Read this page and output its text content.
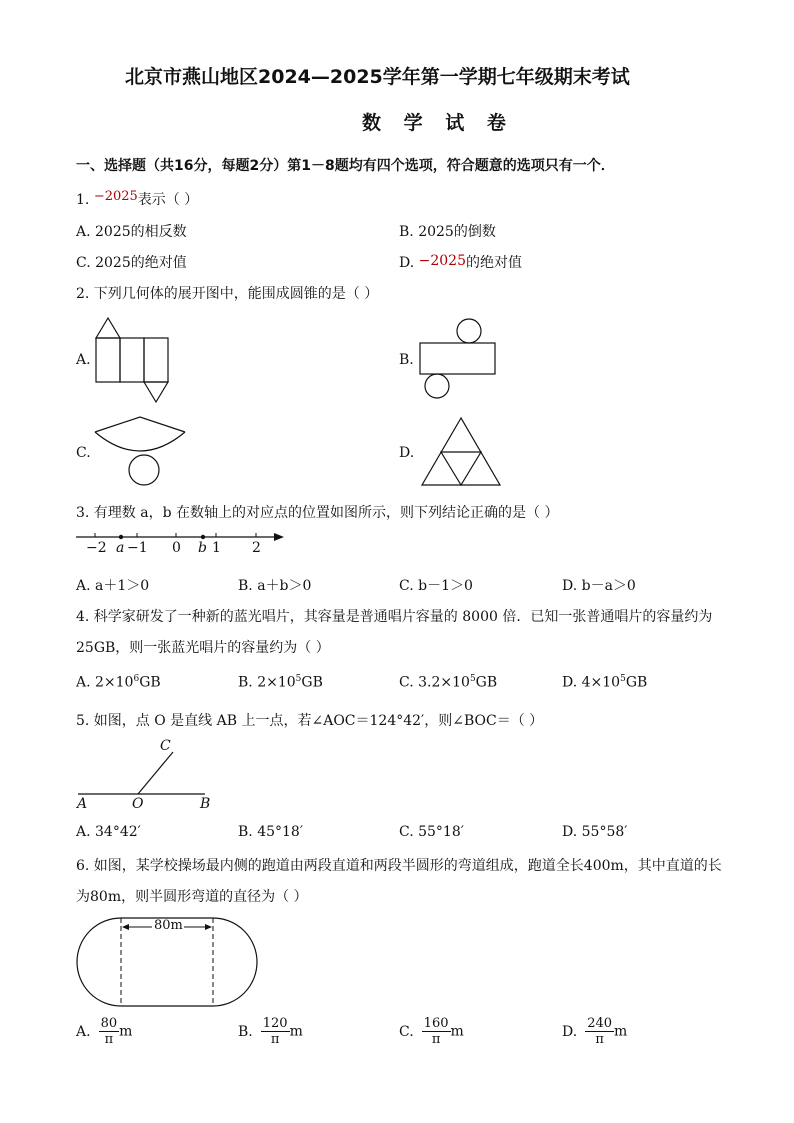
北京市燕山地区2024—2025学年第一学期七年级期末考试
数 学 试 卷
一、选择题（共16分，每题2分）第1－8题均有四个选项，符合题意的选项只有一个．
1. −2025表示（ ）
A. 2025的相反数	B. 2025的倒数
C. 2025的绝对值	D. −2025的绝对值
2. 下列几何体的展开图中，能围成圆锥的是（ ）
A.	B.
C.	D.
3. 有理数 a，b 在数轴上的对应点的位置如图所示，则下列结论正确的是（ ）
−2 a −1 0 b 1 2
A. a＋1＞0	B. a＋b＞0	C. b－1＞0	D. b－a＞0
4. 科学家研发了一种新的蓝光唱片，其容量是普通唱片容量的 8000 倍．已知一张普通唱片的容量约为
25GB，则一张蓝光唱片的容量约为（ ）
A. $2\times 10^6GB$	B. $2\times 10^5GB$	C. $3.2\times 10^5GB$	D. $4\times 10^5GB$
5. 如图，点 O 是直线 AB 上一点，若∠AOC＝124°42′，则∠BOC＝（ ）
A	O	B
C
A. 34°42′	B. 45°18′	C. 55°18′	D. 55°58′
6. 如图，某学校操场最内侧的跑道由两段直道和两段半圆形的弯道组成，跑道全长400m，其中直道的长
为80m，则半圆形弯道的直径为（ ）
80m
A. $\frac{80}{\pi}$ m	B. $\frac{120}{\pi}$ m	C. $\frac{160}{\pi}$ m	D. $\frac{240}{\pi}$ m
